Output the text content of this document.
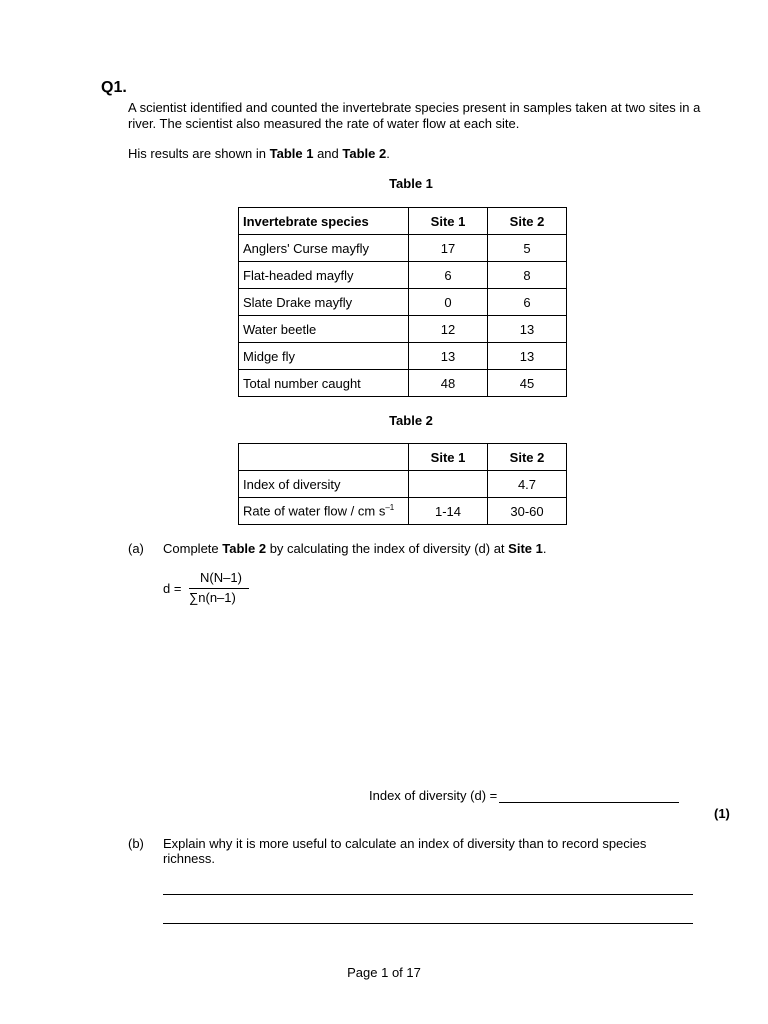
Q1.
A scientist identified and counted the invertebrate species present in samples taken at two sites in a river. The scientist also measured the rate of water flow at each site.
His results are shown in Table 1 and Table 2.
Table 1
Invertebrate species	Site 1	Site 2
Anglers' Curse mayfly	17	5
Flat-headed mayfly	6	8
Slate Drake mayfly	0	6
Water beetle	12	13
Midge fly	13	13
Total number caught	48	45
Table 2
	Site 1	Site 2
Index of diversity		4.7
Rate of water flow / cm $s^{-1}$	1-14	30-60
(a) Complete Table 2 by calculating the index of diversity (d) at Site 1.
d =
N(N–1)
∑n(n–1)
Index of diversity (d) =
(1)
(b) Explain why it is more useful to calculate an index of diversity than to record species richness.
Page 1 of 17
